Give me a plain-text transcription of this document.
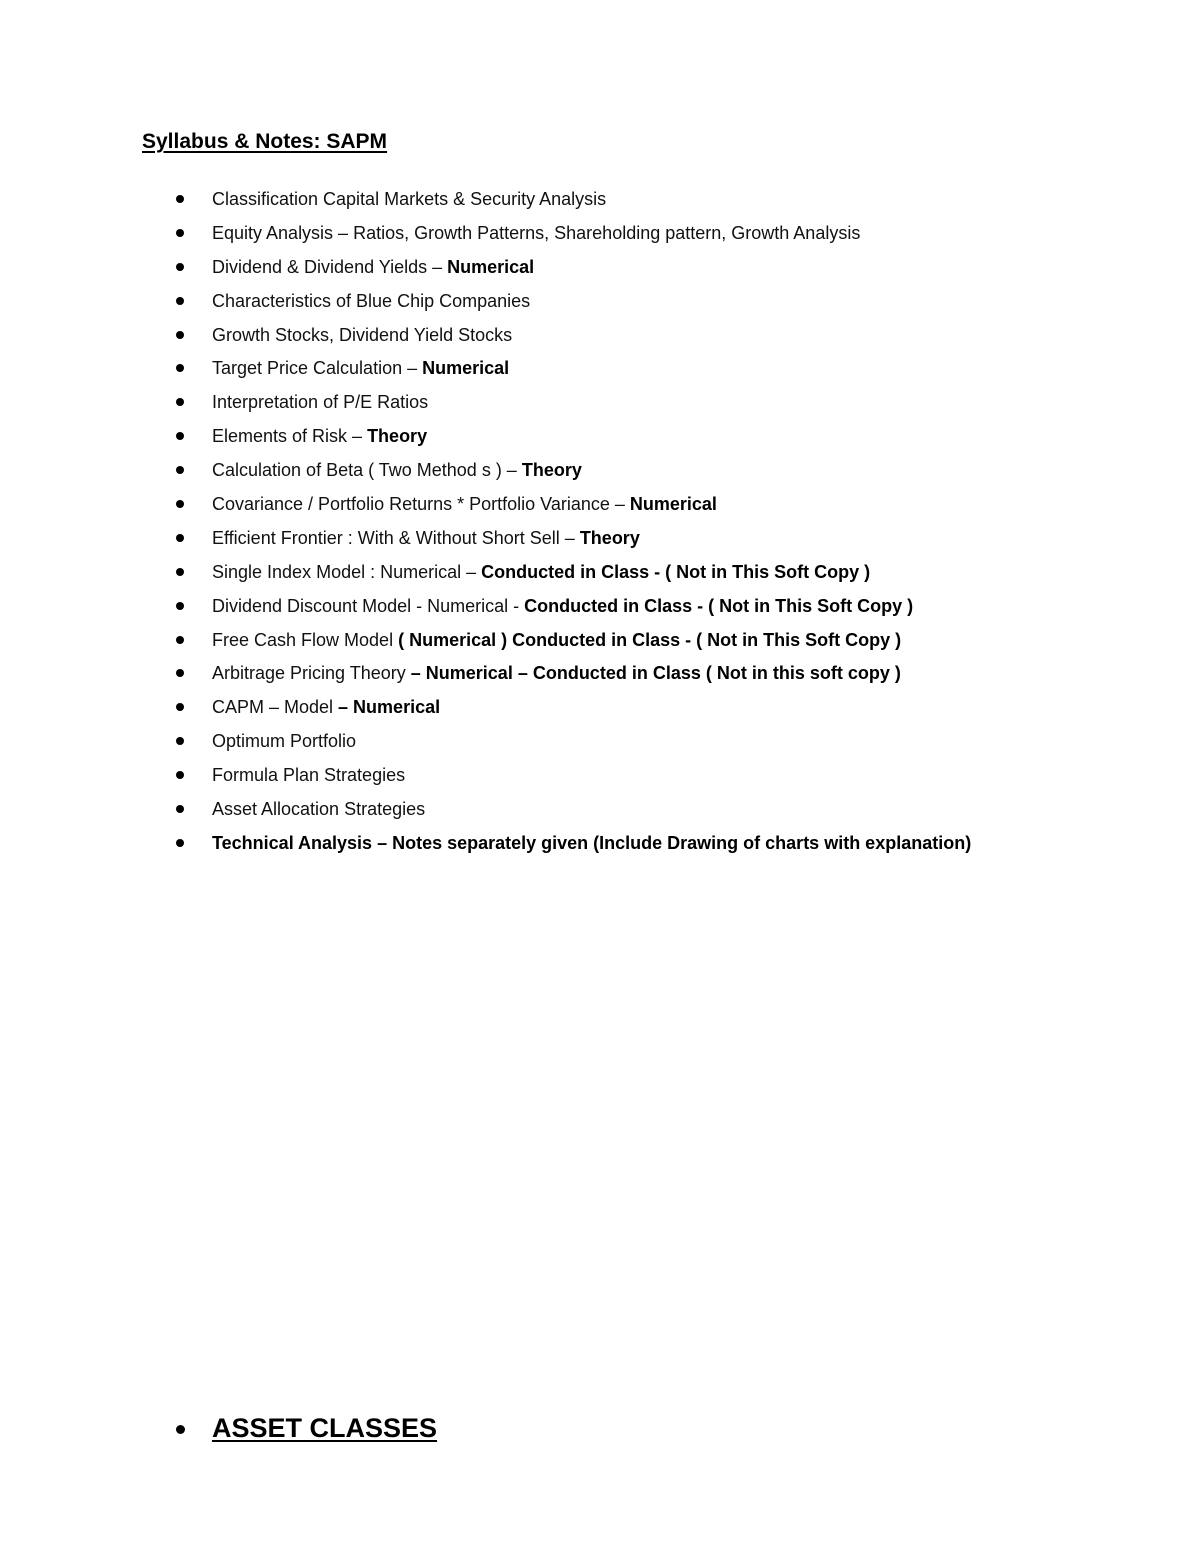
Syllabus & Notes: SAPM
Classification Capital Markets & Security Analysis
Equity Analysis – Ratios, Growth Patterns, Shareholding pattern, Growth Analysis
Dividend & Dividend Yields – Numerical
Characteristics of Blue Chip Companies
Growth Stocks, Dividend Yield Stocks
Target Price Calculation – Numerical
Interpretation of P/E Ratios
Elements of Risk – Theory
Calculation of Beta ( Two Method s ) – Theory
Covariance / Portfolio Returns * Portfolio Variance – Numerical
Efficient Frontier : With & Without Short Sell – Theory
Single Index Model : Numerical – Conducted in Class - ( Not in This Soft Copy )
Dividend Discount Model - Numerical - Conducted in Class - ( Not in This Soft Copy )
Free Cash Flow Model ( Numerical ) Conducted in Class - ( Not in This Soft Copy )
Arbitrage Pricing Theory – Numerical – Conducted in Class ( Not in this soft copy )
CAPM – Model – Numerical
Optimum Portfolio
Formula Plan Strategies
Asset Allocation Strategies
Technical Analysis – Notes separately given (Include Drawing of charts with explanation)
ASSET CLASSES
